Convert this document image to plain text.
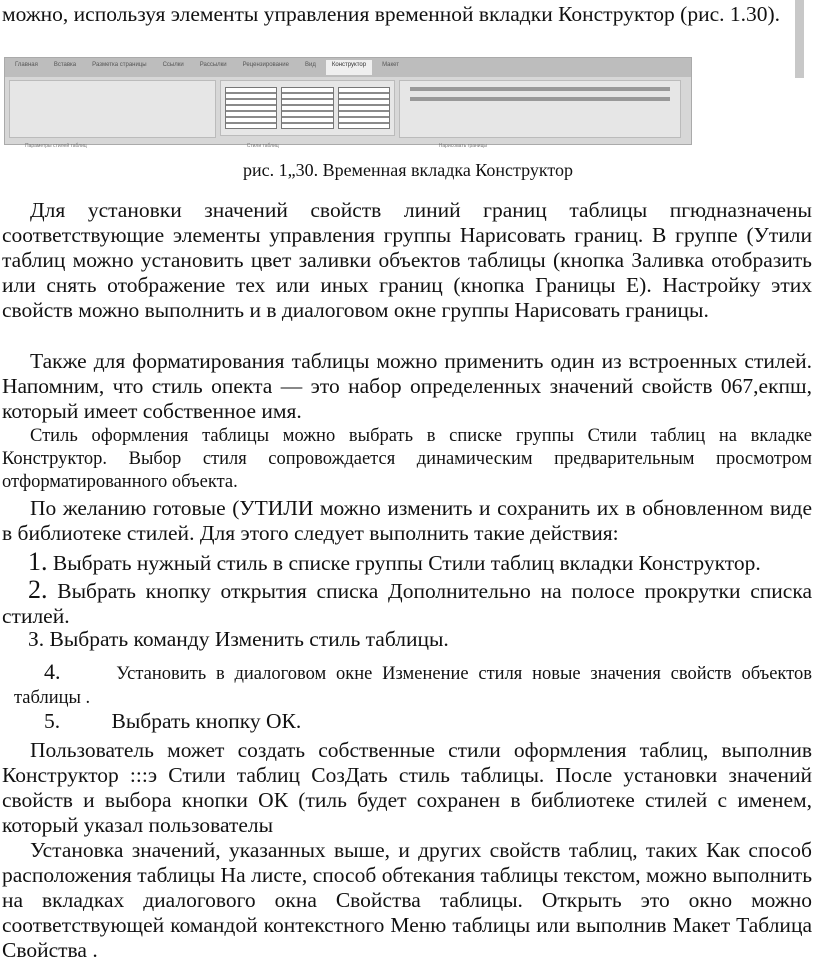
можно, используя элементы управления временной вкладки Конструктор (рис. 1.30).

Главная	Вставка	Разметка страницы	Ссылки	Рассылки	Рецензирование	Вид	Конструктор	Макет
Параметры стилей таблиц	Стили таблиц	Нарисовать границы

рис. 1„30. Временная вкладка Конструктор

Для установки значений свойств линий границ таблицы пгюдназначены соответствующие элементы управления группы Нарисовать границ. В группе (Утили таблиц можно установить цвет заливки объектов таблицы (кнопка Заливка отобразить или снять отображение тех или иных границ (кнопка Границы Е). Настройку этих свойств можно выполнить и в диалоговом окне группы Нарисовать границы.

Также для форматирования таблицы можно применить один из встроенных стилей. Напомним, что стиль опекта — это набор определенных значений свойств 067,екпш, который имеет собственное имя.

Стиль оформления таблицы можно выбрать в списке группы Стили таблиц на вкладке Конструктор. Выбор стиля сопровождается динамическим предварительным просмотром отформатированного объекта.

По желанию готовые (УТИЛИ можно изменить и сохранить их в обновленном виде в библиотеке стилей. Для этого следует выполнить такие действия:

1. Выбрать нужный стиль в списке группы Стили таблиц вкладки Конструктор.

2. Выбрать кнопку открытия списка Дополнительно на полосе прокрутки списка стилей.

З. Выбрать команду Изменить стиль таблицы.

4.	Установить в диалоговом окне Изменение стиля новые значения свойств объектов таблицы .

5. Выбрать кнопку ОК.

Пользователь может создать собственные стили оформления таблиц, выполнив Конструктор :::э Стили таблиц СозДать стиль таблицы. После установки значений свойств и выбора кнопки ОК (тиль будет сохранен в библиотеке стилей с именем, который указал пользователы

Установка значений, указанных выше, и других свойств таблиц, таких Как способ расположения таблицы На листе, способ обтекания таблицы текстом, можно выполнить на вкладках диалогового окна Свойства таблицы. Открыть это окно можно соответствующей командой контекстного Меню таблицы или выполнив Макет Таблица Свойства .
